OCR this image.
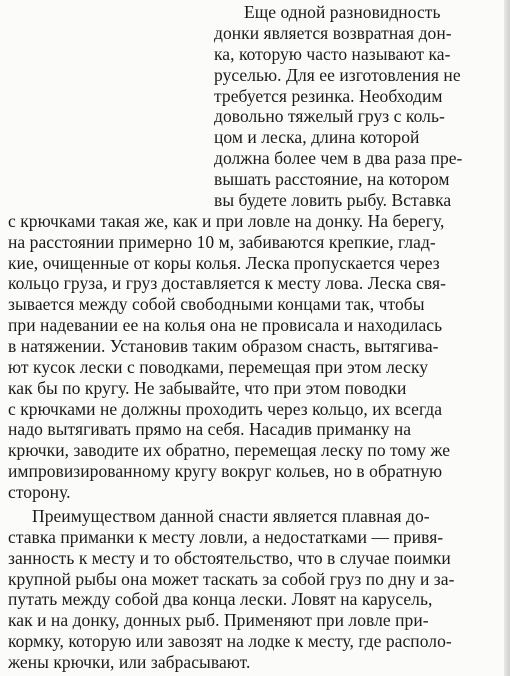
Еще одной разновидность
донки является возвратная дон-
ка, которую часто называют ка-
руселью. Для ее изготовления не
требуется резинка. Необходим
довольно тяжелый груз с коль-
цом и леска, длина которой
должна более чем в два раза пре-
вышать расстояние, на котором
вы будете ловить рыбу. Вставка
с крючками такая же, как и при ловле на донку. На берегу,
на расстоянии примерно 10 м, забиваются крепкие, глад-
кие, очищенные от коры колья. Леска пропускается через
кольцо груза, и груз доставляется к месту лова. Леска свя-
зывается между собой свободными концами так, чтобы
при надевании ее на колья она не провисала и находилась
в натяжении. Установив таким образом снасть, вытягива-
ют кусок лески с поводками, перемещая при этом леску
как бы по кругу. Не забывайте, что при этом поводки
с крючками не должны проходить через кольцо, их всегда
надо вытягивать прямо на себя. Насадив приманку на
крючки, заводите их обратно, перемещая леску по тому же
импровизированному кругу вокруг кольев, но в обратную
сторону.
Преимуществом данной снасти является плавная до-
ставка приманки к месту ловли, а недостатками — привя-
занность к месту и то обстоятельство, что в случае поимки
крупной рыбы она может таскать за собой груз по дну и за-
путать между собой два конца лески. Ловят на карусель,
как и на донку, донных рыб. Применяют при ловле при-
кормку, которую или завозят на лодке к месту, где располо-
жены крючки, или забрасывают.
